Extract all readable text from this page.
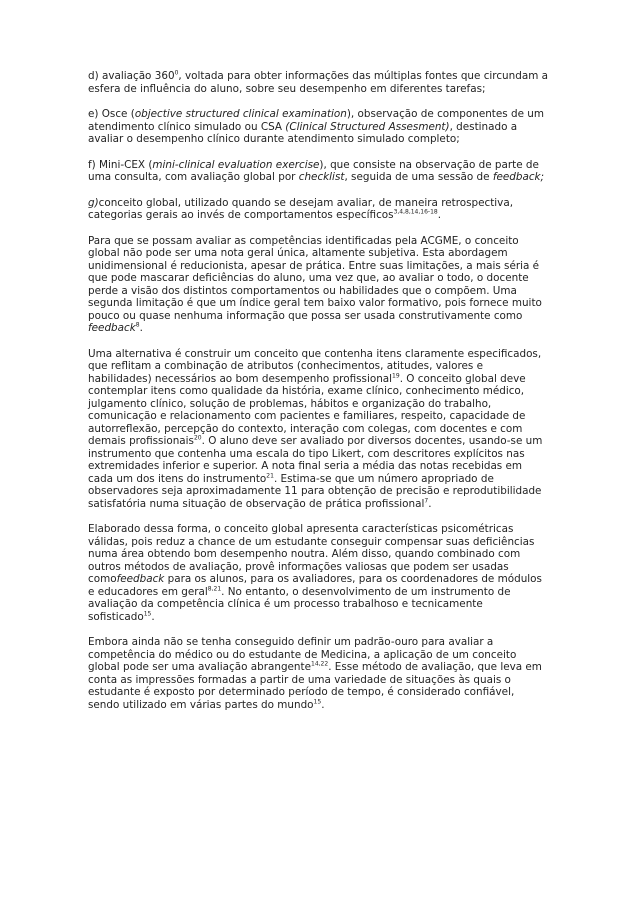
d) avaliação $360^0$, voltada para obter informações das múltiplas fontes que circundam a esfera de influência do aluno, sobre seu desempenho em diferentes tarefas;

e) Osce (objective structured clinical examination), observação de componentes de um atendimento clínico simulado ou CSA (Clinical Structured Assesment), destinado a avaliar o desempenho clínico durante atendimento simulado completo;

f) Mini-CEX (mini-clinical evaluation exercise), que consiste na observação de parte de uma consulta, com avaliação global por checklist, seguida de uma sessão de feedback;

g)conceito global, utilizado quando se desejam avaliar, de maneira retrospectiva, categorias gerais ao invés de comportamentos específicos$^{3,4,8,14,16-18}$.

Para que se possam avaliar as competências identificadas pela ACGME, o conceito global não pode ser uma nota geral única, altamente subjetiva. Esta abordagem unidimensional é reducionista, apesar de prática. Entre suas limitações, a mais séria é que pode mascarar deficiências do aluno, uma vez que, ao avaliar o todo, o docente perde a visão dos distintos comportamentos ou habilidades que o compõem. Uma segunda limitação é que um índice geral tem baixo valor formativo, pois fornece muito pouco ou quase nenhuma informação que possa ser usada construtivamente como feedback$^8$.

Uma alternativa é construir um conceito que contenha itens claramente especificados, que reflitam a combinação de atributos (conhecimentos, atitudes, valores e habilidades) necessários ao bom desempenho profissional$^{19}$. O conceito global deve contemplar itens como qualidade da história, exame clínico, conhecimento médico, julgamento clínico, solução de problemas, hábitos e organização do trabalho, comunicação e relacionamento com pacientes e familiares, respeito, capacidade de autorreflexão, percepção do contexto, interação com colegas, com docentes e com demais profissionais$^{20}$. O aluno deve ser avaliado por diversos docentes, usando-se um instrumento que contenha uma escala do tipo Likert, com descritores explícitos nas extremidades inferior e superior. A nota final seria a média das notas recebidas em cada um dos itens do instrumento$^{21}$. Estima-se que um número apropriado de observadores seja aproximadamente 11 para obtenção de precisão e reprodutibilidade satisfatória numa situação de observação de prática profissional$^7$.

Elaborado dessa forma, o conceito global apresenta características psicométricas válidas, pois reduz a chance de um estudante conseguir compensar suas deficiências numa área obtendo bom desempenho noutra. Além disso, quando combinado com outros métodos de avaliação, provê informações valiosas que podem ser usadas comofeedback para os alunos, para os avaliadores, para os coordenadores de módulos e educadores em geral$^{8,21}$. No entanto, o desenvolvimento de um instrumento de avaliação da competência clínica é um processo trabalhoso e tecnicamente sofisticado$^{15}$.

Embora ainda não se tenha conseguido definir um padrão-ouro para avaliar a competência do médico ou do estudante de Medicina, a aplicação de um conceito global pode ser uma avaliação abrangente$^{14,22}$. Esse método de avaliação, que leva em conta as impressões formadas a partir de uma variedade de situações às quais o estudante é exposto por determinado período de tempo, é considerado confiável, sendo utilizado em várias partes do mundo$^{15}$.
